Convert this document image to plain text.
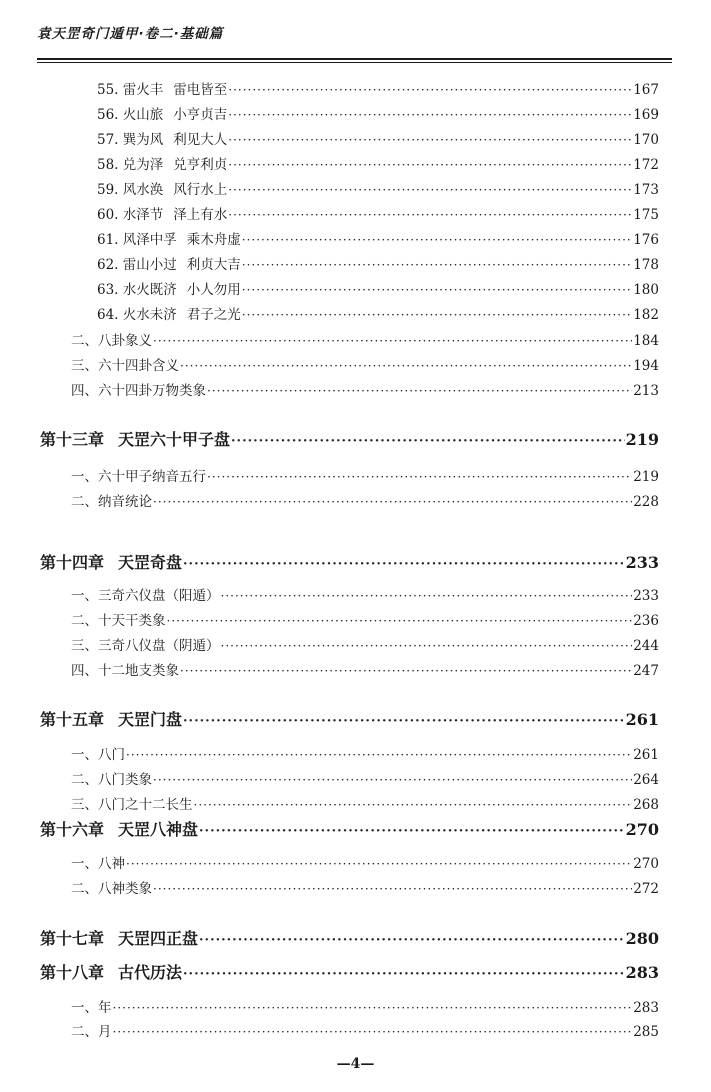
袁天罡奇门遁甲·卷二·基础篇
55. 雷火丰 雷电皆至 ·····	167
56. 火山旅 小亨贞吉 ·····	169
57. 巽为风 利见大人 ·····	170
58. 兑为泽 兑亨利贞 ·····	172
59. 风水涣 风行水上 ·····	173
60. 水泽节 泽上有水 ·····	175
61. 风泽中孚 乘木舟虚 ·····	176
62. 雷山小过 利贞大吉 ·····	178
63. 水火既济 小人勿用 ·····	180
64. 火水未济 君子之光 ·····	182
二、八卦象义 ·····	184
三、六十四卦含义 ·····	194
四、六十四卦万物类象 ·····	213
第十三章 天罡六十甲子盘 ·····	219
一、六十甲子纳音五行 ·····	219
二、纳音统论 ·····	228
第十四章 天罡奇盘 ·····	233
一、三奇六仪盘（阳遁） ·····	233
二、十天干类象 ·····	236
三、三奇八仪盘（阴遁） ·····	244
四、十二地支类象 ·····	247
第十五章 天罡门盘 ·····	261
一、八门 ·····	261
二、八门类象 ·····	264
三、八门之十二长生 ·····	268
第十六章 天罡八神盘 ·····	270
一、八神 ·····	270
二、八神类象 ·····	272
第十七章 天罡四正盘 ·····	280
第十八章 古代历法 ·····	283
一、年 ·····	283
二、月 ·····	285
—4—
